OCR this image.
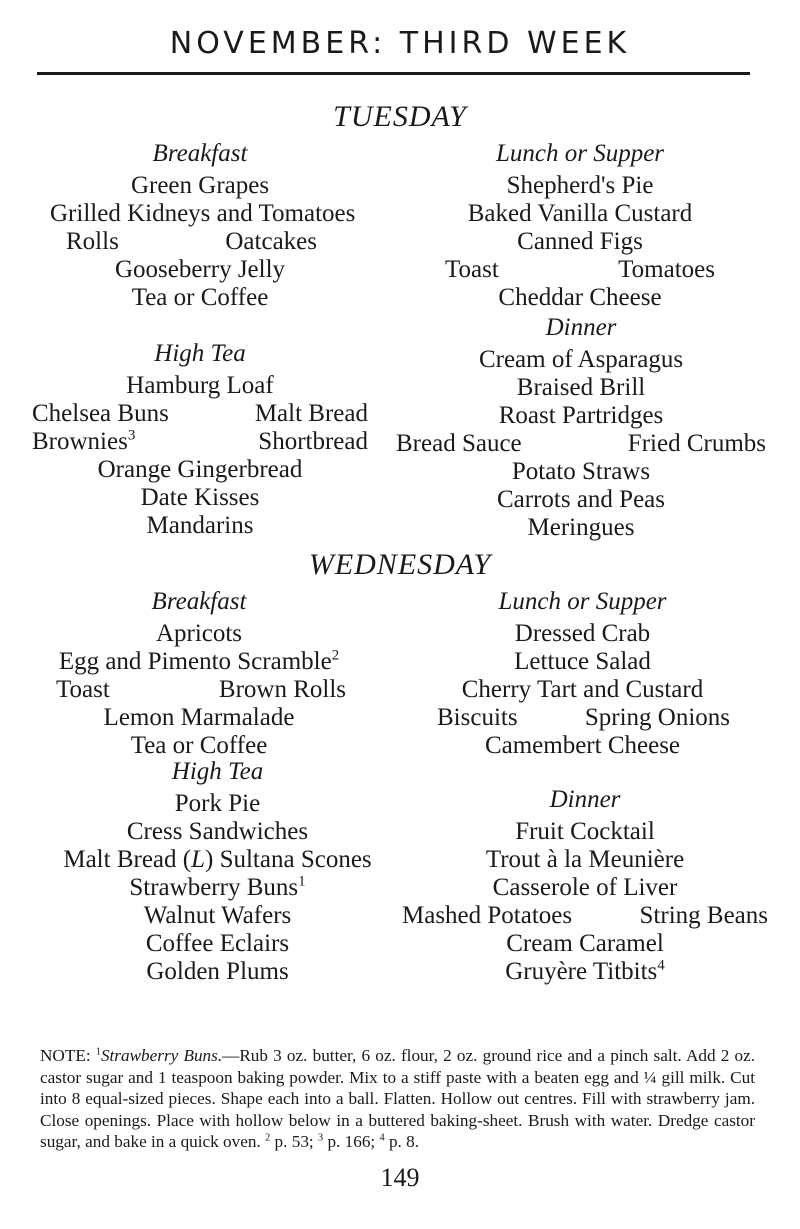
NOVEMBER: THIRD WEEK
TUESDAY
Breakfast
Green Grapes
Grilled Kidneys and Tomatoes
Rolls	Oatcakes
Gooseberry Jelly
Tea or Coffee
High Tea
Hamburg Loaf
Chelsea Buns	Malt Bread
Brownies$^3$	Shortbread
Orange Gingerbread
Date Kisses
Mandarins
Lunch or Supper
Shepherd's Pie
Baked Vanilla Custard
Canned Figs
Toast	Tomatoes
Cheddar Cheese
Dinner
Cream of Asparagus
Braised Brill
Roast Partridges
Bread Sauce	Fried Crumbs
Potato Straws
Carrots and Peas
Meringues
WEDNESDAY
Breakfast
Apricots
Egg and Pimento Scramble$^2$
Toast	Brown Rolls
Lemon Marmalade
Tea or Coffee
High Tea
Pork Pie
Cress Sandwiches
Malt Bread (L) Sultana Scones
Strawberry Buns$^1$
Walnut Wafers
Coffee Eclairs
Golden Plums
Lunch or Supper
Dressed Crab
Lettuce Salad
Cherry Tart and Custard
Biscuits	Spring Onions
Camembert Cheese
Dinner
Fruit Cocktail
Trout à la Meunière
Casserole of Liver
Mashed Potatoes	String Beans
Cream Caramel
Gruyère Titbits$^4$
NOTE: $^1$Strawberry Buns.—Rub 3 oz. butter, 6 oz. flour, 2 oz. ground rice and a pinch salt. Add 2 oz. castor sugar and 1 teaspoon baking powder. Mix to a stiff paste with a beaten egg and ¼ gill milk. Cut into 8 equal-sized pieces. Shape each into a ball. Flatten. Hollow out centres. Fill with strawberry jam. Close openings. Place with hollow below in a buttered baking-sheet. Brush with water. Dredge castor sugar, and bake in a quick oven. $^2$ p. 53; $^3$ p. 166; $^4$ p. 8.
149
